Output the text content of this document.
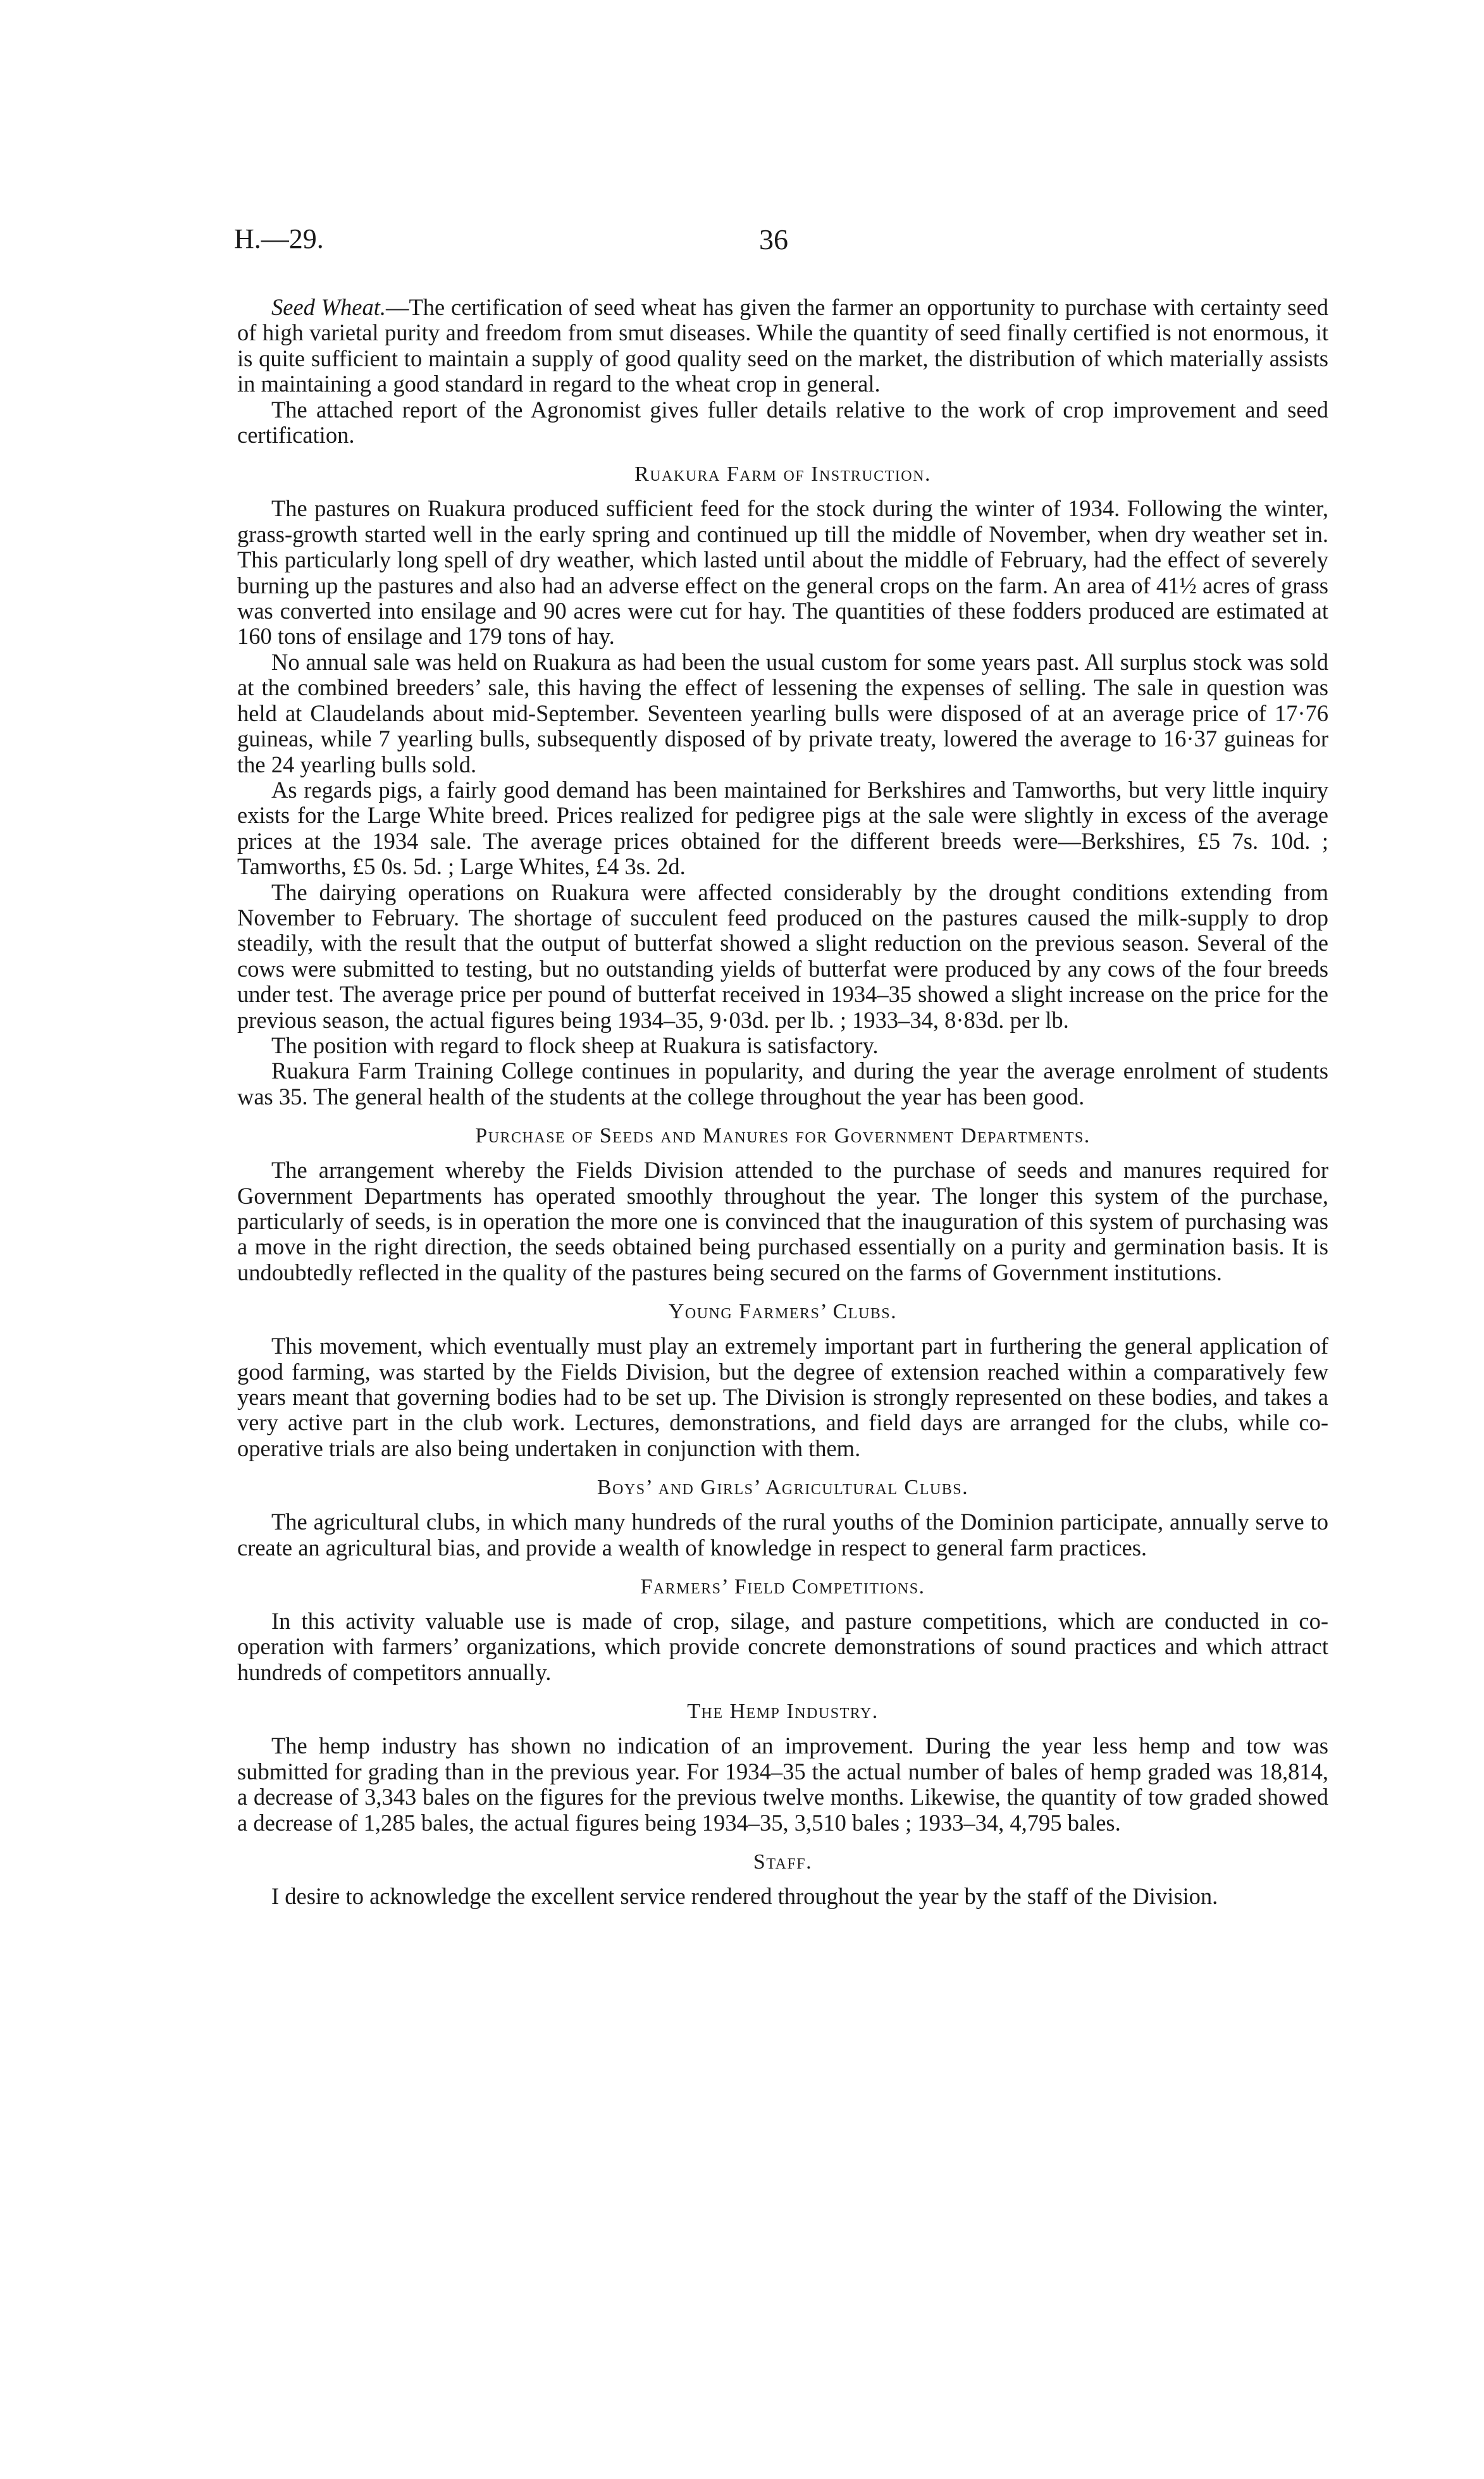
H.—29.	36

Seed Wheat.—The certification of seed wheat has given the farmer an opportunity to purchase with certainty seed of high varietal purity and freedom from smut diseases. While the quantity of seed finally certified is not enormous, it is quite sufficient to maintain a supply of good quality seed on the market, the distribution of which materially assists in maintaining a good standard in regard to the wheat crop in general.

The attached report of the Agronomist gives fuller details relative to the work of crop improvement and seed certification.

Ruakura Farm of Instruction.

The pastures on Ruakura produced sufficient feed for the stock during the winter of 1934. Following the winter, grass-growth started well in the early spring and continued up till the middle of November, when dry weather set in. This particularly long spell of dry weather, which lasted until about the middle of February, had the effect of severely burning up the pastures and also had an adverse effect on the general crops on the farm. An area of 41½ acres of grass was converted into ensilage and 90 acres were cut for hay. The quantities of these fodders produced are estimated at 160 tons of ensilage and 179 tons of hay.

No annual sale was held on Ruakura as had been the usual custom for some years past. All surplus stock was sold at the combined breeders’ sale, this having the effect of lessening the expenses of selling. The sale in question was held at Claudelands about mid-September. Seventeen yearling bulls were disposed of at an average price of 17·76 guineas, while 7 yearling bulls, subsequently disposed of by private treaty, lowered the average to 16·37 guineas for the 24 yearling bulls sold.

As regards pigs, a fairly good demand has been maintained for Berkshires and Tamworths, but very little inquiry exists for the Large White breed. Prices realized for pedigree pigs at the sale were slightly in excess of the average prices at the 1934 sale. The average prices obtained for the different breeds were—Berkshires, £5 7s. 10d. ; Tamworths, £5 0s. 5d. ; Large Whites, £4 3s. 2d.

The dairying operations on Ruakura were affected considerably by the drought conditions extending from November to February. The shortage of succulent feed produced on the pastures caused the milk-supply to drop steadily, with the result that the output of butterfat showed a slight reduction on the previous season. Several of the cows were submitted to testing, but no outstanding yields of butterfat were produced by any cows of the four breeds under test. The average price per pound of butterfat received in 1934–35 showed a slight increase on the price for the previous season, the actual figures being 1934–35, 9·03d. per lb. ; 1933–34, 8·83d. per lb.

The position with regard to flock sheep at Ruakura is satisfactory.

Ruakura Farm Training College continues in popularity, and during the year the average enrolment of students was 35. The general health of the students at the college throughout the year has been good.

Purchase of Seeds and Manures for Government Departments.

The arrangement whereby the Fields Division attended to the purchase of seeds and manures required for Government Departments has operated smoothly throughout the year. The longer this system of the purchase, particularly of seeds, is in operation the more one is convinced that the inauguration of this system of purchasing was a move in the right direction, the seeds obtained being purchased essentially on a purity and germination basis. It is undoubtedly reflected in the quality of the pastures being secured on the farms of Government institutions.

Young Farmers’ Clubs.

This movement, which eventually must play an extremely important part in furthering the general application of good farming, was started by the Fields Division, but the degree of extension reached within a comparatively few years meant that governing bodies had to be set up. The Division is strongly represented on these bodies, and takes a very active part in the club work. Lectures, demonstrations, and field days are arranged for the clubs, while co-operative trials are also being undertaken in conjunction with them.

Boys’ and Girls’ Agricultural Clubs.

The agricultural clubs, in which many hundreds of the rural youths of the Dominion participate, annually serve to create an agricultural bias, and provide a wealth of knowledge in respect to general farm practices.

Farmers’ Field Competitions.

In this activity valuable use is made of crop, silage, and pasture competitions, which are conducted in co-operation with farmers’ organizations, which provide concrete demonstrations of sound practices and which attract hundreds of competitors annually.

The Hemp Industry.

The hemp industry has shown no indication of an improvement. During the year less hemp and tow was submitted for grading than in the previous year. For 1934–35 the actual number of bales of hemp graded was 18,814, a decrease of 3,343 bales on the figures for the previous twelve months. Likewise, the quantity of tow graded showed a decrease of 1,285 bales, the actual figures being 1934–35, 3,510 bales ; 1933–34, 4,795 bales.

Staff.

I desire to acknowledge the excellent service rendered throughout the year by the staff of the Division.
